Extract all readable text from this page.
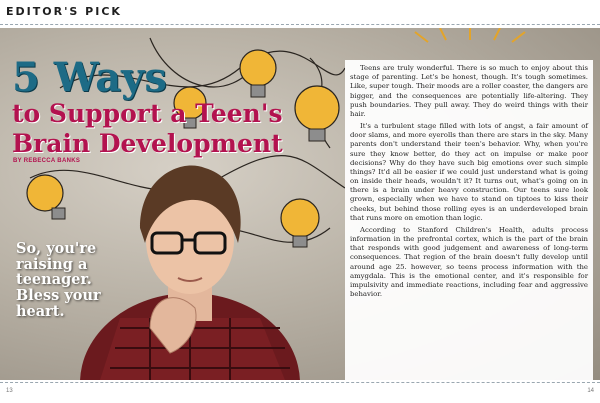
EDITOR'S PICK
5 Ways
to Support a Teen's
Brain Development
BY REBECCA BANKS
So, you're raising a teenager. Bless your heart.

Teens are truly wonderful. There is so much to enjoy about this stage of parenting. Let's be honest, though. It's tough sometimes. Like, super tough. Their moods are a roller coaster, the dangers are bigger, and the consequences are potentially life-altering. They push boundaries. They pull away. They do weird things with their hair.

It's a turbulent stage filled with lots of angst, a fair amount of door slams, and more eyerolls than there are stars in the sky. Many parents don't understand their teen's behavior. Why, when you're sure they know better, do they act on impulse or make poor decisions? Why do they have such big emotions over such simple things? It'd all be easier if we could just understand what is going on inside their heads, wouldn't it? It turns out, what's going on in there is a brain under heavy construction. Our teens sure look grown, especially when we have to stand on tiptoes to kiss their cheeks, but behind those rolling eyes is an underdeveloped brain that runs more on emotion than logic.

According to Stanford Children's Health, adults process information in the prefrontal cortex, which is the part of the brain that responds with good judgement and awareness of long-term consequences. That region of the brain doesn't fully develop until around age 25. however, so teens process information with the amygdala. This is the emotional center, and it's responsible for impulsivity and immediate reactions, including fear and aggressive behavior.

13	14
